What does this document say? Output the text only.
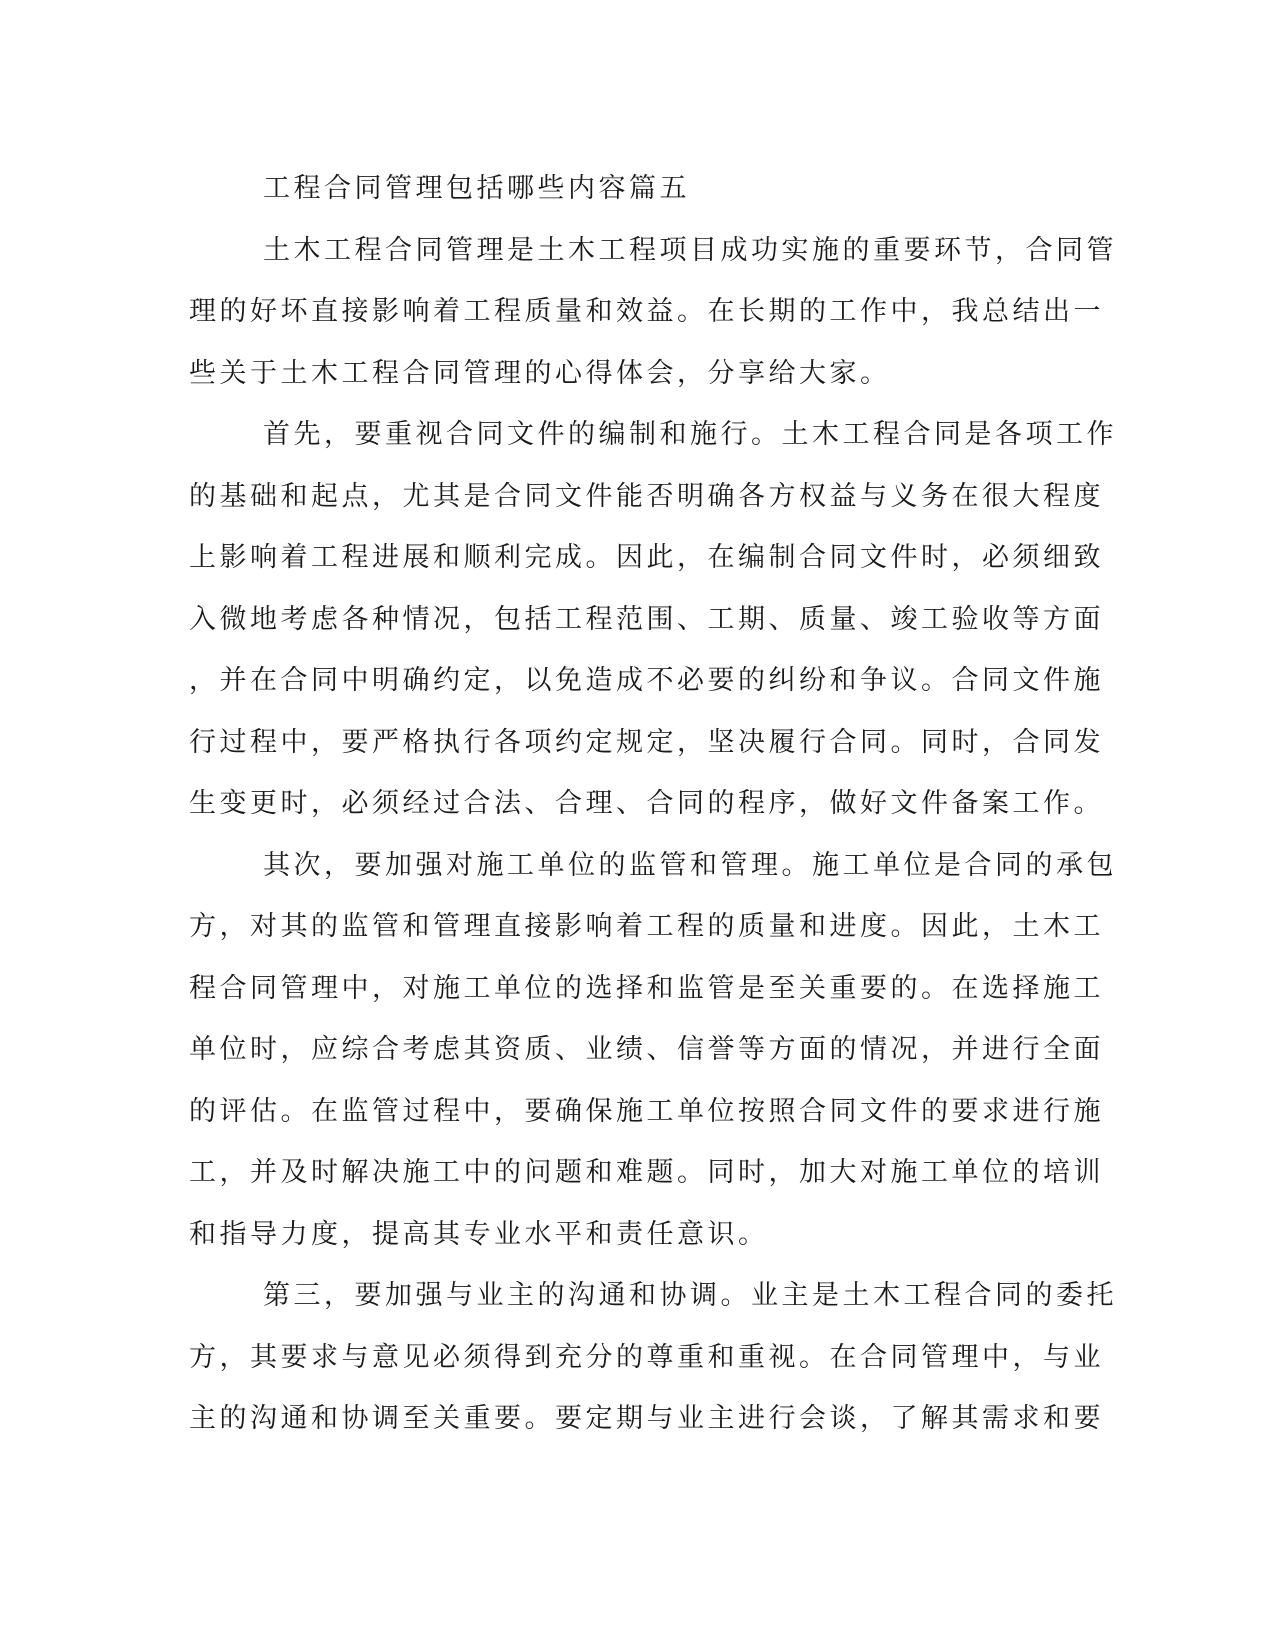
工程合同管理包括哪些内容篇五
土木工程合同管理是土木工程项目成功实施的重要环节，合同管
理的好坏直接影响着工程质量和效益。在长期的工作中，我总结出一
些关于土木工程合同管理的心得体会，分享给大家。
首先，要重视合同文件的编制和施行。土木工程合同是各项工作
的基础和起点，尤其是合同文件能否明确各方权益与义务在很大程度
上影响着工程进展和顺利完成。因此，在编制合同文件时，必须细致
入微地考虑各种情况，包括工程范围、工期、质量、竣工验收等方面
，并在合同中明确约定，以免造成不必要的纠纷和争议。合同文件施
行过程中，要严格执行各项约定规定，坚决履行合同。同时，合同发
生变更时，必须经过合法、合理、合同的程序，做好文件备案工作。
其次，要加强对施工单位的监管和管理。施工单位是合同的承包
方，对其的监管和管理直接影响着工程的质量和进度。因此，土木工
程合同管理中，对施工单位的选择和监管是至关重要的。在选择施工
单位时，应综合考虑其资质、业绩、信誉等方面的情况，并进行全面
的评估。在监管过程中，要确保施工单位按照合同文件的要求进行施
工，并及时解决施工中的问题和难题。同时，加大对施工单位的培训
和指导力度，提高其专业水平和责任意识。
第三，要加强与业主的沟通和协调。业主是土木工程合同的委托
方，其要求与意见必须得到充分的尊重和重视。在合同管理中，与业
主的沟通和协调至关重要。要定期与业主进行会谈，了解其需求和要
